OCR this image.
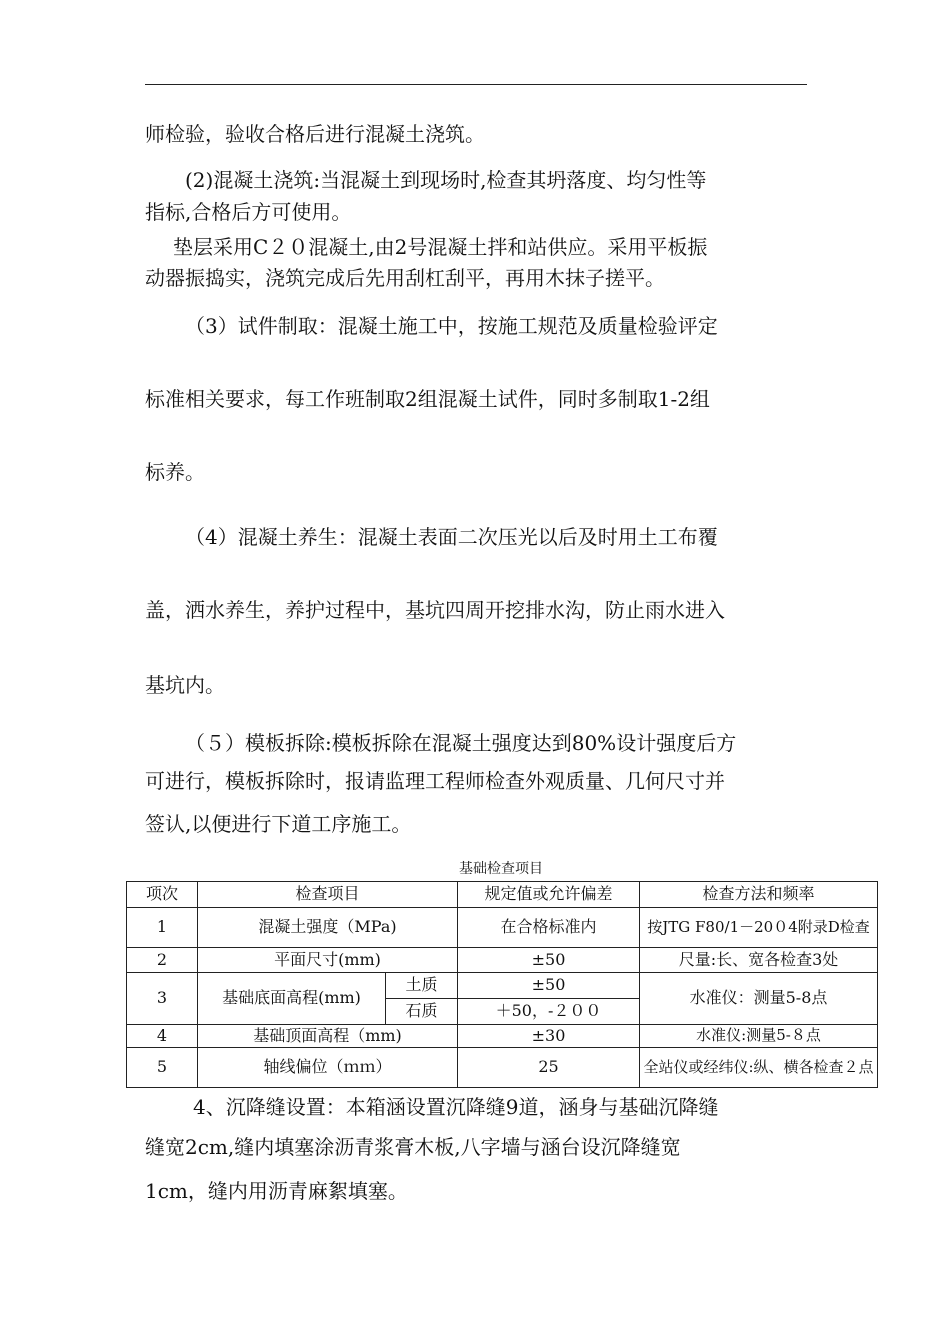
师检验，验收合格后进行混凝土浇筑。

(2)混凝土浇筑:当混凝土到现场时,检查其坍落度、均匀性等

指标,合格后方可使用。

垫层采用C２０混凝土,由2号混凝土拌和站供应。采用平板振

动器振捣实，浇筑完成后先用刮杠刮平，再用木抹子搓平。

（3）试件制取：混凝土施工中，按施工规范及质量检验评定

标准相关要求，每工作班制取2组混凝土试件，同时多制取1-2组

标养。

（4）混凝土养生：混凝土表面二次压光以后及时用土工布覆

盖，洒水养生，养护过程中，基坑四周开挖排水沟，防止雨水进入

基坑内。

（５）模板拆除:模板拆除在混凝土强度达到80%设计强度后方

可进行，模板拆除时，报请监理工程师检查外观质量、几何尺寸并

签认,以便进行下道工序施工。

4、沉降缝设置：本箱涵设置沉降缝9道，涵身与基础沉降缝

缝宽2cm,缝内填塞涂沥青浆膏木板,八字墙与涵台设沉降缝宽

1cm，缝内用沥青麻絮填塞。

基础检查项目
项次	检查项目		规定值或允许偏差	检查方法和频率
1	混凝土强度（MPa)		在合格标准内	按JTG F80/1－20０4附录D检查
2	平面尺寸(mm)		±50	尺量:长、宽各检查3处
3	基础底面高程(mm)	土质	±50	水准仪：测量5-8点
		石质	＋50，-２００	
4	基础顶面高程（mm)		±30	水准仪:测量5-８点
5	轴线偏位（ｍｍ）		25	全站仪或经纬仪:纵、横各检查２点
